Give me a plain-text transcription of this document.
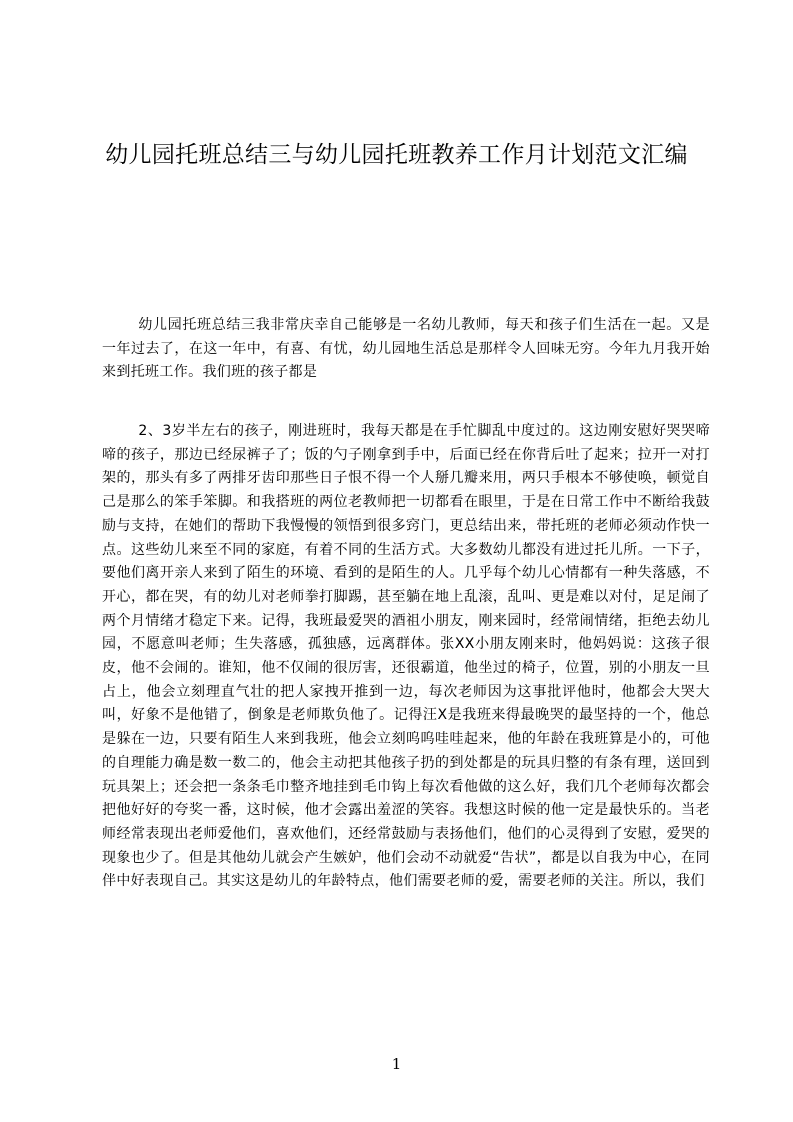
幼儿园托班总结三与幼儿园托班教养工作月计划范文汇编

幼儿园托班总结三我非常庆幸自己能够是一名幼儿教师，每天和孩子们生活在一起。又是一年过去了，在这一年中，有喜、有忧，幼儿园地生活总是那样令人回味无穷。今年九月我开始来到托班工作。我们班的孩子都是

2、3岁半左右的孩子，刚进班时，我每天都是在手忙脚乱中度过的。这边刚安慰好哭哭啼啼的孩子，那边已经尿裤子了；饭的勺子刚拿到手中，后面已经在你背后吐了起来；拉开一对打架的，那头有多了两排牙齿印那些日子恨不得一个人掰几瓣来用，两只手根本不够使唤，顿觉自己是那么的笨手笨脚。和我搭班的两位老教师把一切都看在眼里，于是在日常工作中不断给我鼓励与支持，在她们的帮助下我慢慢的领悟到很多窍门，更总结出来，带托班的老师必须动作快一点。这些幼儿来至不同的家庭，有着不同的生活方式。大多数幼儿都没有进过托儿所。一下子，要他们离开亲人来到了陌生的环境、看到的是陌生的人。几乎每个幼儿心情都有一种失落感，不开心，都在哭，有的幼儿对老师拳打脚踢，甚至躺在地上乱滚，乱叫、更是难以对付，足足闹了两个月情绪才稳定下来。记得，我班最爱哭的酒祖小朋友，刚来园时，经常闹情绪，拒绝去幼儿园，不愿意叫老师；生失落感，孤独感，远离群体。张XX小朋友刚来时，他妈妈说：这孩子很皮，他不会闹的。谁知，他不仅闹的很厉害，还很霸道，他坐过的椅子，位置，别的小朋友一旦占上，他会立刻理直气壮的把人家拽开推到一边，每次老师因为这事批评他时，他都会大哭大叫，好象不是他错了，倒象是老师欺负他了。记得汪X是我班来得最晚哭的最坚持的一个，他总是躲在一边，只要有陌生人来到我班，他会立刻呜呜哇哇起来，他的年龄在我班算是小的，可他的自理能力确是数一数二的，他会主动把其他孩子扔的到处都是的玩具归整的有条有理，送回到玩具架上；还会把一条条毛巾整齐地挂到毛巾钩上每次看他做的这么好，我们几个老师每次都会把他好好的夸奖一番，这时候，他才会露出羞涩的笑容。我想这时候的他一定是最快乐的。当老师经常表现出老师爱他们，喜欢他们，还经常鼓励与表扬他们，他们的心灵得到了安慰，爱哭的现象也少了。但是其他幼儿就会产生嫉妒，他们会动不动就爱“告状”，都是以自我为中心，在同伴中好表现自己。其实这是幼儿的年龄特点，他们需要老师的爱，需要老师的关注。所以，我们

1
